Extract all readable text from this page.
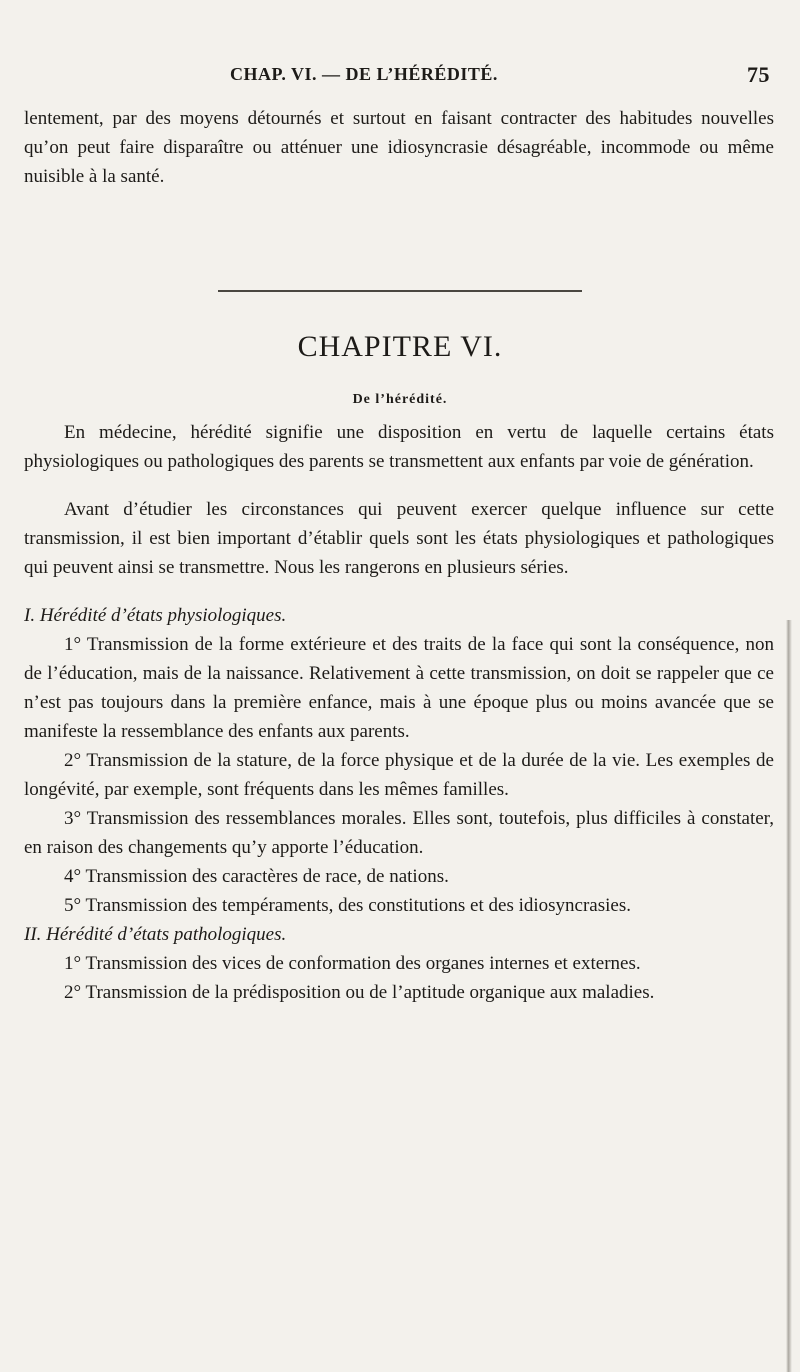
CHAP. VI. — DE L’HÉRÉDITÉ.	75
lentement, par des moyens détournés et surtout en faisant contracter des habitudes nouvelles qu’on peut faire disparaître ou atténuer une idiosyncrasie désagréable, incommode ou même nuisible à la santé.
CHAPITRE VI.
De l’hérédité.

En médecine, hérédité signifie une disposition en vertu de laquelle certains états physiologiques ou pathologiques des parents se transmettent aux enfants par voie de génération.

Avant d’étudier les circonstances qui peuvent exercer quelque influence sur cette transmission, il est bien important d’établir quels sont les états physiologiques et pathologiques qui peuvent ainsi se transmettre. Nous les rangerons en plusieurs séries.

I. Hérédité d’états physiologiques.

1° Transmission de la forme extérieure et des traits de la face qui sont la conséquence, non de l’éducation, mais de la naissance. Relativement à cette transmission, on doit se rappeler que ce n’est pas toujours dans la première enfance, mais à une époque plus ou moins avancée que se manifeste la ressemblance des enfants aux parents.

2° Transmission de la stature, de la force physique et de la durée de la vie. Les exemples de longévité, par exemple, sont fréquents dans les mêmes familles.

3° Transmission des ressemblances morales. Elles sont, toutefois, plus difficiles à constater, en raison des changements qu’y apporte l’éducation.

4° Transmission des caractères de race, de nations.

5° Transmission des tempéraments, des constitutions et des idiosyncrasies.

II. Hérédité d’états pathologiques.

1° Transmission des vices de conformation des organes internes et externes.

2° Transmission de la prédisposition ou de l’aptitude organique aux maladies.
